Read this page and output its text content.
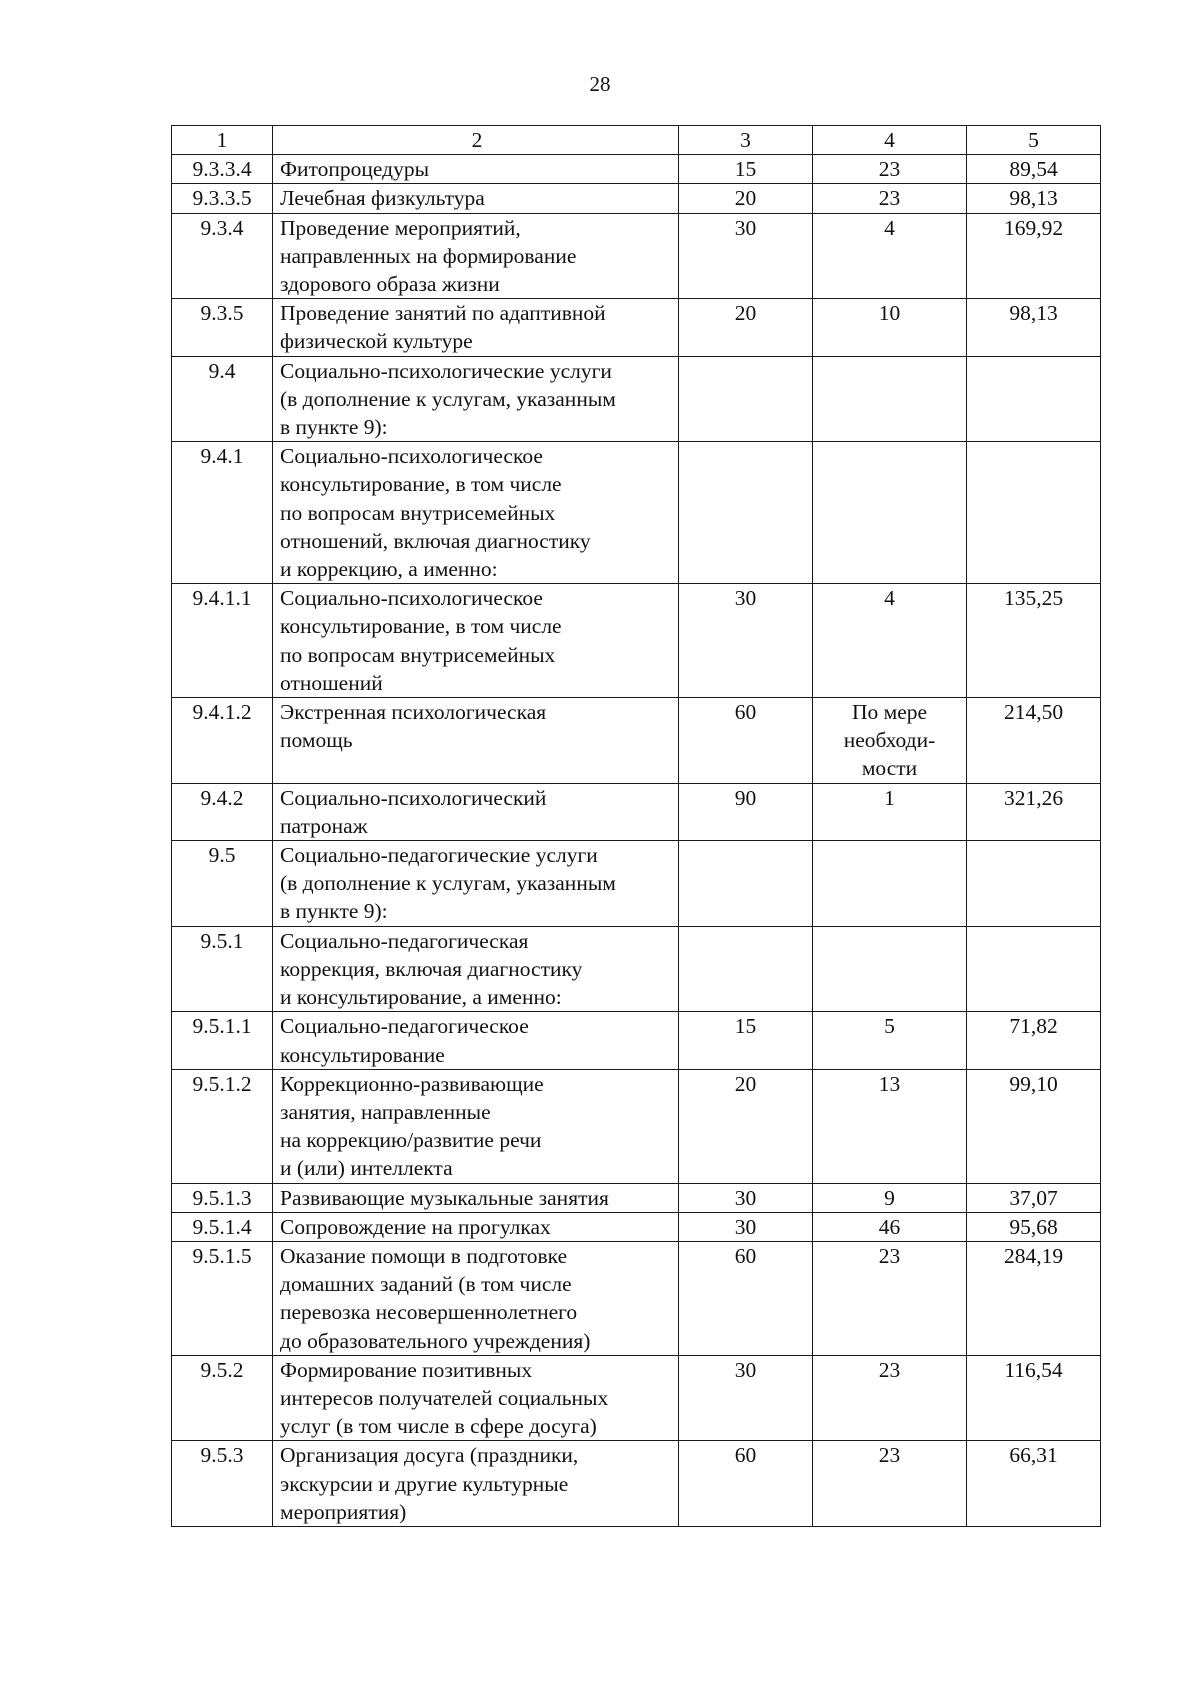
28
1	2	3	4	5
9.3.3.4	Фитопроцедуры	15	23	89,54
9.3.3.5	Лечебная физкультура	20	23	98,13
9.3.4	Проведение мероприятий,
направленных на формирование
здорового образа жизни	30	4	169,92
9.3.5	Проведение занятий по адаптивной
физической культуре	20	10	98,13
9.4	Социально-психологические услуги
(в дополнение к услугам, указанным
в пункте 9):			
9.4.1	Социально-психологическое
консультирование, в том числе
по вопросам внутрисемейных
отношений, включая диагностику
и коррекцию, а именно:			
9.4.1.1	Социально-психологическое
консультирование, в том числе
по вопросам внутрисемейных
отношений	30	4	135,25
9.4.1.2	Экстренная психологическая
помощь	60	По мере
необходи-
мости	214,50
9.4.2	Социально-психологический
патронаж	90	1	321,26
9.5	Социально-педагогические услуги
(в дополнение к услугам, указанным
в пункте 9):			
9.5.1	Социально-педагогическая
коррекция, включая диагностику
и консультирование, а именно:			
9.5.1.1	Социально-педагогическое
консультирование	15	5	71,82
9.5.1.2	Коррекционно-развивающие
занятия, направленные
на коррекцию/развитие речи
и (или) интеллекта	20	13	99,10
9.5.1.3	Развивающие музыкальные занятия	30	9	37,07
9.5.1.4	Сопровождение на прогулках	30	46	95,68
9.5.1.5	Оказание помощи в подготовке
домашних заданий (в том числе
перевозка несовершеннолетнего
до образовательного учреждения)	60	23	284,19
9.5.2	Формирование позитивных
интересов получателей социальных
услуг (в том числе в сфере досуга)	30	23	116,54
9.5.3	Организация досуга (праздники,
экскурсии и другие культурные
мероприятия)	60	23	66,31
